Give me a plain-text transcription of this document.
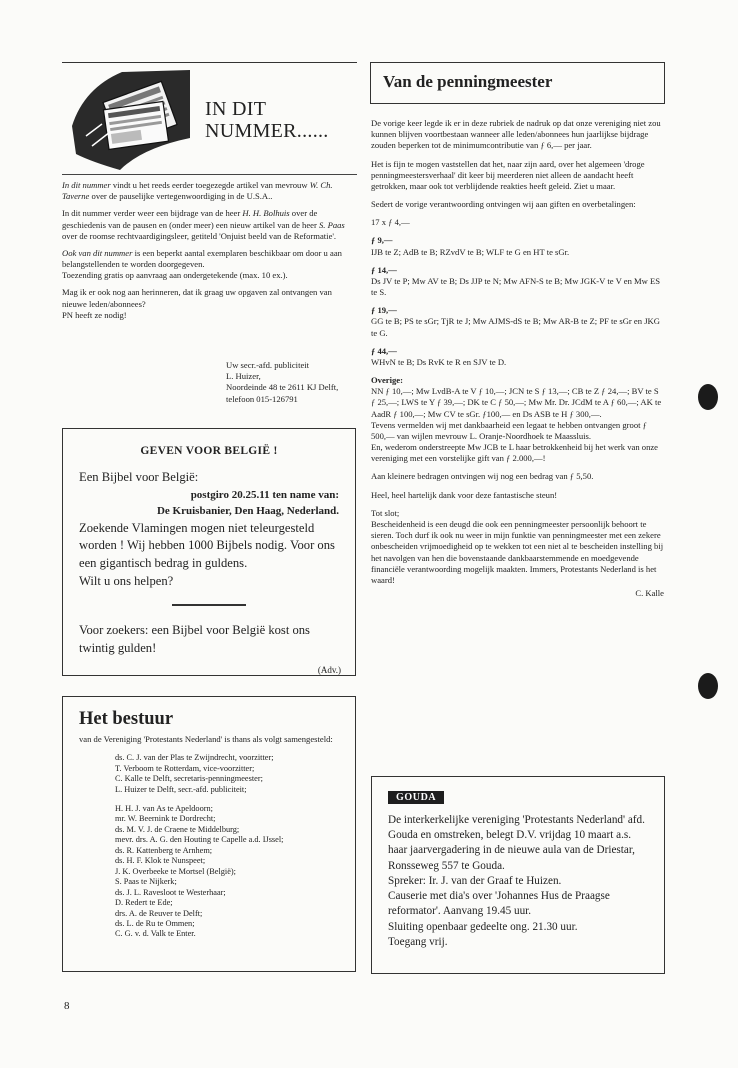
IN DIT
NUMMER......

In dit nummer vindt u het reeds eerder toegezegde artikel van mevrouw W. Ch. Taverne over de pauselijke vertegenwoordiging in de U.S.A..

In dit nummer verder weer een bijdrage van de heer H. H. Bolhuis over de geschiedenis van de pausen en (onder meer) een nieuw artikel van de heer S. Paas over de roomse rechtvaardigingsleer, getiteld 'Onjuist beeld van de Reformatie'.

Ook van dit nummer is een beperkt aantal exemplaren beschikbaar om door u aan belangstellenden te worden doorgegeven.
Toezending gratis op aanvraag aan ondergetekende (max. 10 ex.).

Mag ik er ook nog aan herinneren, dat ik graag uw opgaven zal ontvangen van nieuwe leden/abonnees?
PN heeft ze nodig!

Uw secr.-afd. publiciteit
L. Huizer,
Noordeinde 48 te 2611 KJ Delft,
telefoon 015-126791
GEVEN VOOR BELGIË !
Een Bijbel voor België:
postgiro 20.25.11 ten name van:
De Kruisbanier, Den Haag, Nederland.
Zoekende Vlamingen mogen niet teleurgesteld worden ! Wij hebben 1000 Bijbels nodig. Voor ons een gigantisch bedrag in guldens.
Wilt u ons helpen?
Voor zoekers: een Bijbel voor België kost ons twintig gulden!
(Adv.)
Het bestuur
van de Vereniging 'Protestants Nederland' is thans als volgt samengesteld:
ds. C. J. van der Plas te Zwijndrecht, voorzitter;
T. Verboom te Rotterdam, vice-voorzitter;
C. Kalle te Delft, secretaris-penningmeester;
L. Huizer te Delft, secr.-afd. publiciteit;
H. H. J. van As te Apeldoorn;
mr. W. Beernink te Dordrecht;
ds. M. V. J. de Craene te Middelburg;
mevr. drs. A. G. den Houting te Capelle a.d. IJssel;
ds. R. Kattenberg te Arnhem;
ds. H. F. Klok te Nunspeet;
J. K. Overbeeke te Mortsel (België);
S. Paas te Nijkerk;
ds. J. L. Ravesloot te Westerhaar;
D. Redert te Ede;
drs. A. de Reuver te Delft;
ds. L. de Ru te Ommen;
C. G. v. d. Valk te Enter.
8
Van de penningmeester

De vorige keer legde ik er in deze rubriek de nadruk op dat onze vereniging niet zou kunnen blijven voortbestaan wanneer alle leden/abonnees hun jaarlijkse bijdrage zouden beperken tot de minimumcontributie van ƒ 6,— per jaar.

Het is fijn te mogen vaststellen dat het, naar zijn aard, over het algemeen 'droge penningmeestersverhaal' dit keer bij meerderen niet alleen de aandacht heeft getrokken, maar ook tot verblijdende reakties heeft geleid. Ziet u maar.

Sedert de vorige verantwoording ontvingen wij aan giften en overbetalingen:

17 x ƒ 4,—

ƒ 9,—

IJB te Z; AdB te B; RZvdV te B; WLF te G en HT te sGr.

ƒ 14,—

Ds JV te P; Mw AV te B; Ds JJP te N; Mw AFN-S te B; Mw JGK-V te V en Mw ES te S.

ƒ 19,—

GG te B; PS te sGr; TjR te J; Mw AJMS-dS te B; Mw AR-B te Z; PF te sGr en JKG te G.

ƒ 44,—

WHvN te B; Ds RvK te R en SJV te D.

Overige:
NN ƒ 10,—; Mw LvdB-A te V ƒ 10,—; JCN te S ƒ 13,—; CB te Z ƒ 24,—; BV te S ƒ 25,—; LWS te Y ƒ 39,—; DK te C ƒ 50,—; Mw Mr. Dr. JCdM te A ƒ 60,—; AK te AadR ƒ 100,—; Mw CV te sGr. ƒ100,— en Ds ASB te H ƒ 300,—.
Tevens vermelden wij met dankbaarheid een legaat te hebben ontvangen groot ƒ 500,— van wijlen mevrouw L. Oranje-Noordhoek te Maassluis.

En, wederom onderstreepte Mw JCB te L haar betrokkenheid bij het werk van onze vereniging met een vorstelijke gift van ƒ 2.000,—!

Aan kleinere bedragen ontvingen wij nog een bedrag van ƒ 5,50.

Heel, heel hartelijk dank voor deze fantastische steun!

Tot slot;
Bescheidenheid is een deugd die ook een penningmeester persoonlijk behoort te sieren. Toch durf ik ook nu weer in mijn funktie van penningmeester met een zekere onbescheiden vrijmoedigheid op te wekken tot een niet al te bescheiden instelling bij het navolgen van hen die bovenstaande dankbaarstemmende en moedgevende financiële verantwoording mogelijk maakten. Immers, Protestants Nederland is het waard!
C. Kalle
GOUDA
De interkerkelijke vereniging 'Protestants Nederland' afd. Gouda en omstreken, belegt D.V. vrijdag 10 maart a.s. haar jaarvergadering in de nieuwe aula van de Driestar, Ronsseweg 557 te Gouda.
Spreker: Ir. J. van der Graaf te Huizen.
Causerie met dia's over 'Johannes Hus de Praagse reformator'. Aanvang 19.45 uur.
Sluiting openbaar gedeelte ong. 21.30 uur.
Toegang vrij.
